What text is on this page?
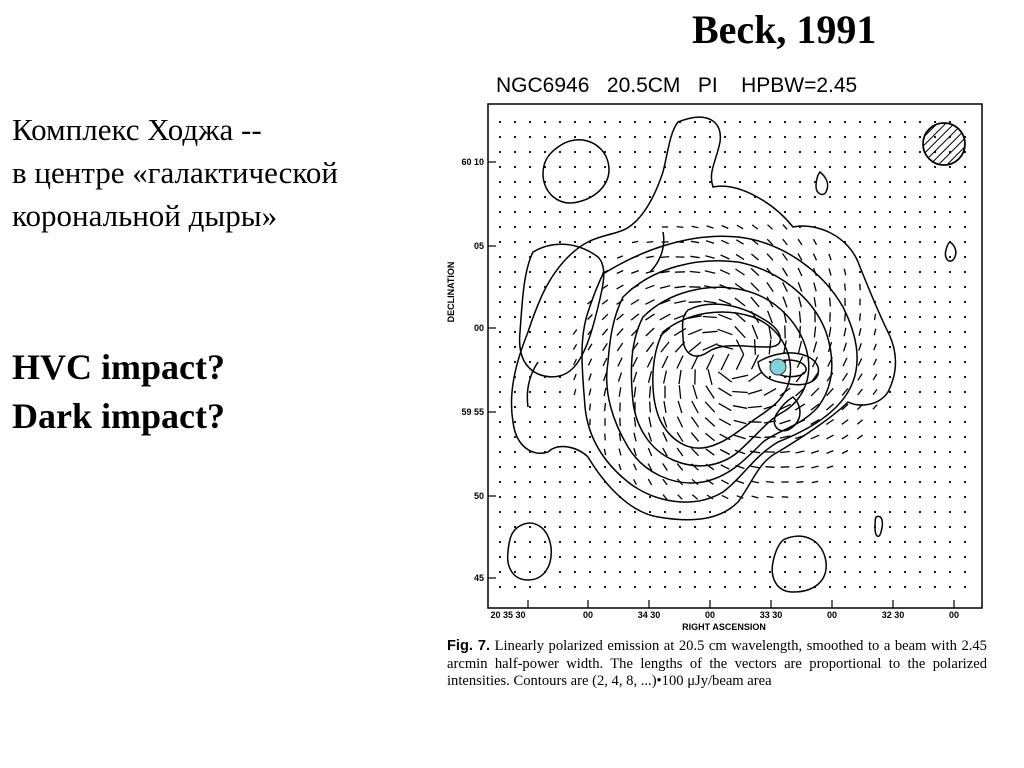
Beck, 1991
Комплекс Ходжа --
в центре «галактической
корональной дыры»
HVC impact?
Dark impact?
NGC6946   20.5CM   PI    HPBW=2.45
60 10
05
00
59 55
50
45
DECLINATION
20 35 30	00	34 30	00	33 30	00	32 30	00
RIGHT ASCENSION
Fig. 7. Linearly polarized emission at 20.5 cm wavelength, smoothed to a beam with 2.45 arcmin half-power width. The lengths of the vectors are proportional to the polarized intensities. Contours are (2, 4, 8, ...)•100 μJy/beam area
